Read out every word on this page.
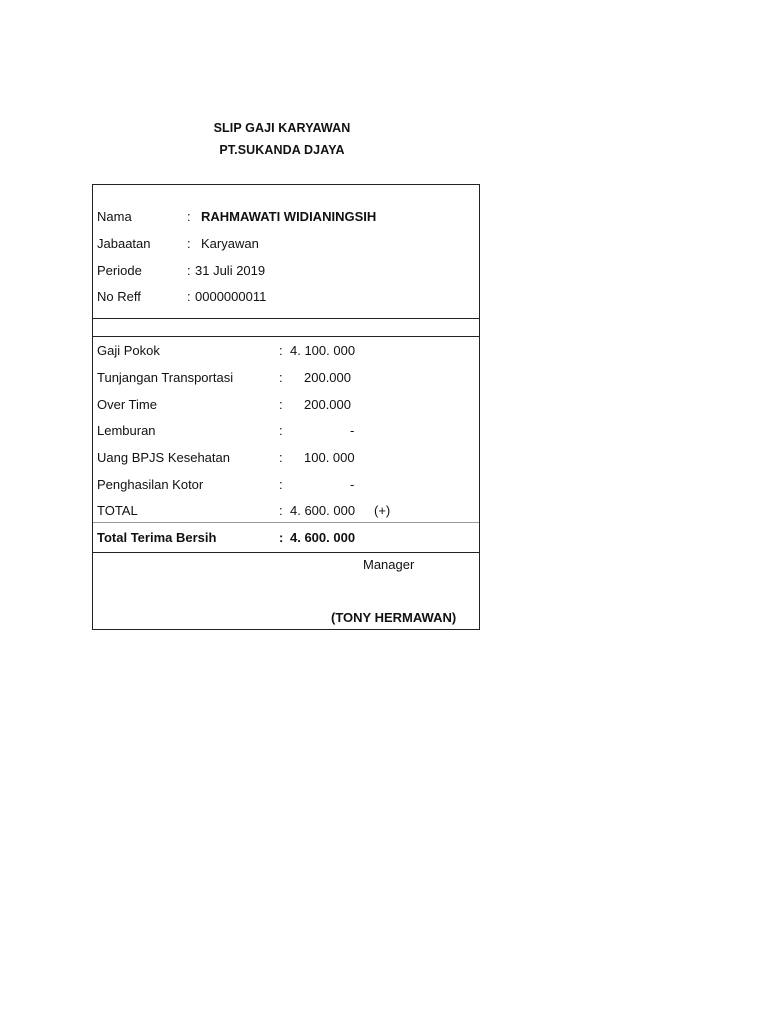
SLIP GAJI KARYAWAN
PT.SUKANDA DJAYA
Nama	: RAHMAWATI WIDIANINGSIH
Jabaatan	: Karyawan
Periode	: 31 Juli 2019
No Reff	: 0000000011
Gaji Pokok	: 4. 100. 000
Tunjangan Transportasi	: 200.000
Over Time	: 200.000
Lemburan	:	-
Uang BPJS Kesehatan	: 100. 000
Penghasilan Kotor	:	-
TOTAL	: 4. 600. 000 (+)
Total Terima Bersih	: 4. 600. 000
Manager
(TONY HERMAWAN)
